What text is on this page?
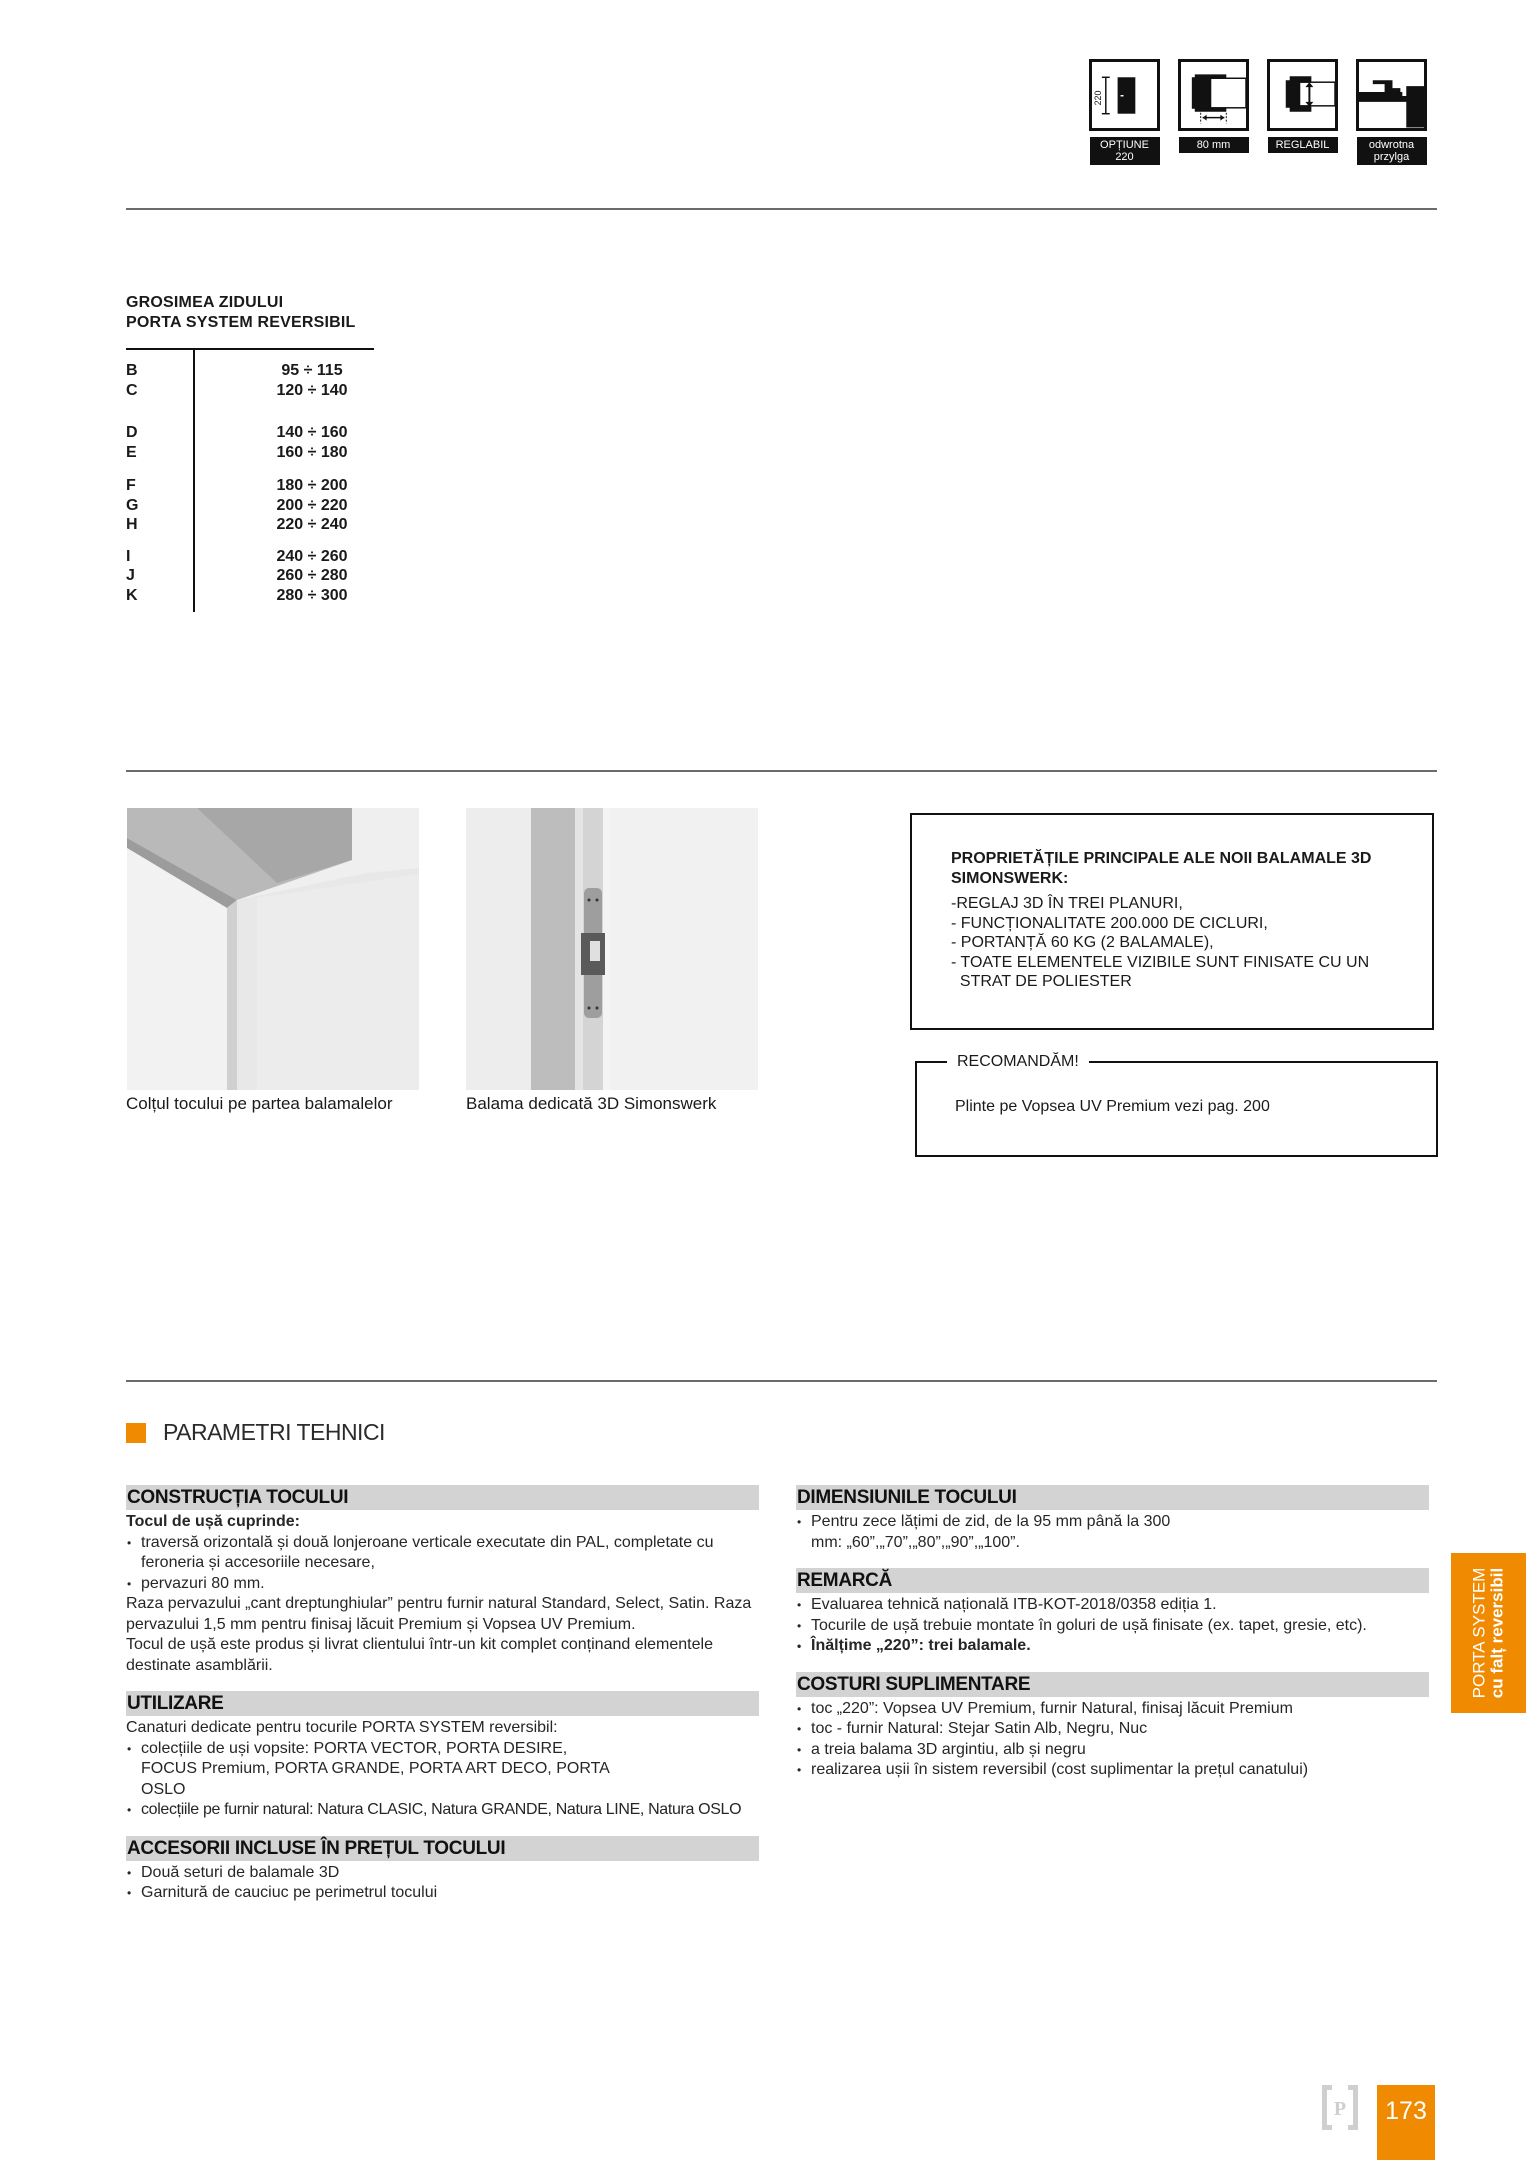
220
OPȚIUNE 220
80 mm	REGLABIL	odwrotna przylga
GROSIMEA ZIDULUI
PORTA SYSTEM REVERSIBIL
B	95 ÷ 115
C	120 ÷ 140
D	140 ÷ 160
E	160 ÷ 180
F	180 ÷ 200
G	200 ÷ 220
H	220 ÷ 240
I	240 ÷ 260
J	260 ÷ 280
K	280 ÷ 300
Colțul tocului pe partea balamalelor	Balama dedicată 3D Simonswerk
PROPRIETĂȚILE PRINCIPALE ALE NOII BALAMALE 3D SIMONSWERK:
-REGLAJ 3D ÎN TREI PLANURI,
- FUNCȚIONALITATE 200.000 DE CICLURI,
- PORTANȚĂ 60 KG (2 BALAMALE),
- TOATE ELEMENTELE VIZIBILE SUNT FINISATE CU UN
STRAT DE POLIESTER
RECOMANDĂM!
Plinte pe Vopsea UV Premium vezi pag. 200
PARAMETRI TEHNICI
CONSTRUCȚIA TOCULUI
Tocul de ușă cuprinde:
• traversă orizontală și două lonjeroane verticale executate din PAL, completate cu feroneria și accesoriile necesare,
• pervazuri 80 mm.
Raza pervazului „cant dreptunghiular” pentru furnir natural Standard, Select, Satin. Raza pervazului 1,5 mm pentru finisaj lăcuit Premium și Vopsea UV Premium.
Tocul de ușă este produs și livrat clientului într-un kit complet conținand elementele destinate asamblării.
UTILIZARE
Canaturi dedicate pentru tocurile PORTA SYSTEM reversibil:
• colecțiile de uși vopsite: PORTA VECTOR, PORTA DESIRE, FOCUS Premium, PORTA GRANDE, PORTA ART DECO, PORTA OSLO
• colecțiile pe furnir natural: Natura CLASIC, Natura GRANDE, Natura LINE, Natura OSLO
ACCESORII INCLUSE ÎN PREȚUL TOCULUI
• Două seturi de balamale 3D
• Garnitură de cauciuc pe perimetrul tocului
DIMENSIUNILE TOCULUI
• Pentru zece lățimi de zid, de la 95 mm până la 300 mm: „60”,„70”,„80”,„90”,„100”.
REMARCĂ
• Evaluarea tehnică națională ITB-KOT-2018/0358 ediția 1.
• Tocurile de ușă trebuie montate în goluri de ușă finisate (ex. tapet, gresie, etc).
• Înălțime „220”: trei balamale.
COSTURI SUPLIMENTARE
• toc „220”: Vopsea UV Premium, furnir Natural, finisaj lăcuit Premium
• toc - furnir Natural: Stejar Satin Alb, Negru, Nuc
• a treia balama 3D argintiu, alb și negru
• realizarea ușii în sistem reversibil (cost suplimentar la prețul canatului)
PORTA SYSTEM cu falț reversibil
P	173
